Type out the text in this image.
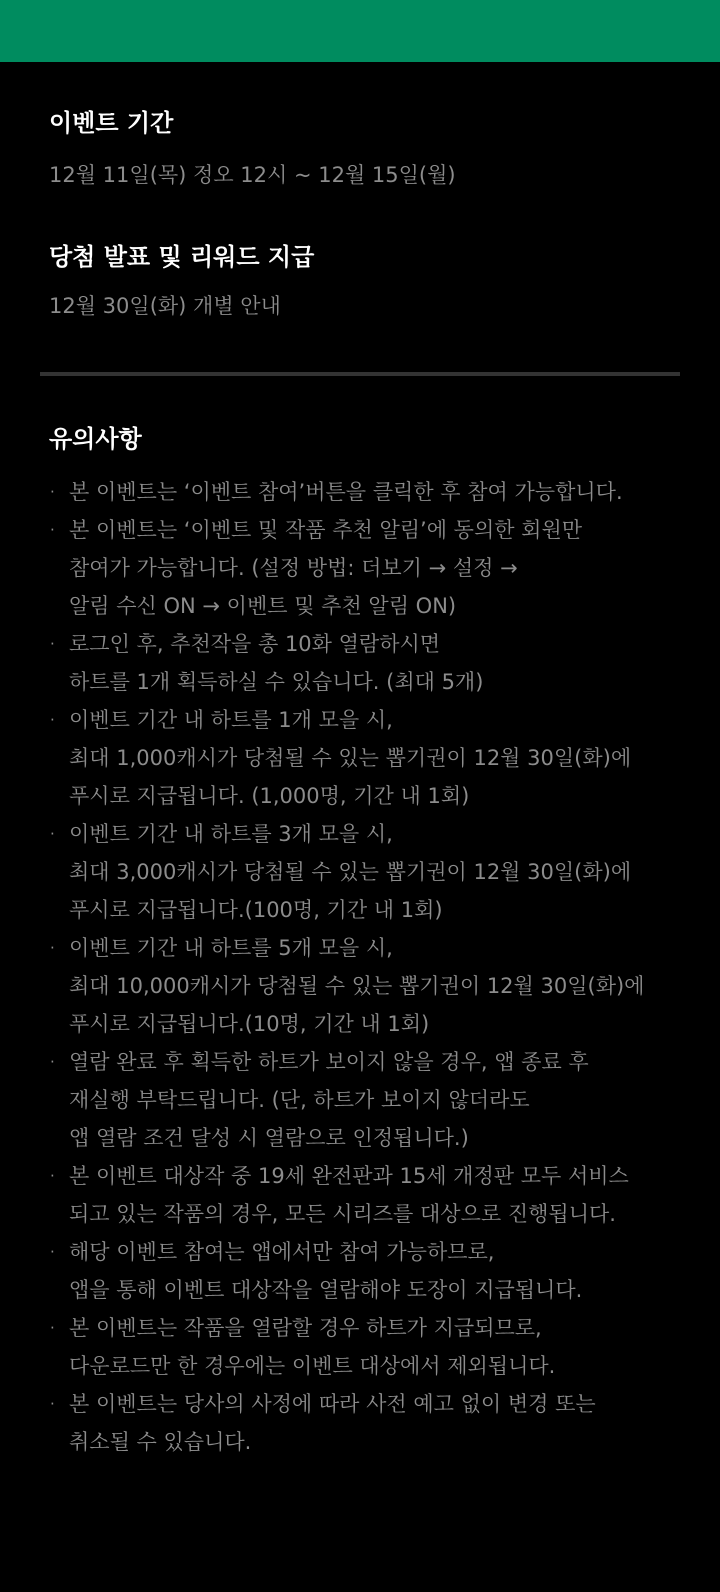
이벤트 기간
12월 11일(목) 정오 12시 ~ 12월 15일(월)
당첨 발표 및 리워드 지급
12월 30일(화) 개별 안내
유의사항
· 본 이벤트는 ‘이벤트 참여’버튼을 클릭한 후 참여 가능합니다.
· 본 이벤트는 ‘이벤트 및 작품 추천 알림’에 동의한 회원만
참여가 가능합니다. (설정 방법: 더보기 → 설정 →
알림 수신 ON → 이벤트 및 추천 알림 ON)
· 로그인 후, 추천작을 총 10화 열람하시면
하트를 1개 획득하실 수 있습니다. (최대 5개)
· 이벤트 기간 내 하트를 1개 모을 시,
최대 1,000캐시가 당첨될 수 있는 뽑기권이 12월 30일(화)에
푸시로 지급됩니다. (1,000명, 기간 내 1회)
· 이벤트 기간 내 하트를 3개 모을 시,
최대 3,000캐시가 당첨될 수 있는 뽑기권이 12월 30일(화)에
푸시로 지급됩니다.(100명, 기간 내 1회)
· 이벤트 기간 내 하트를 5개 모을 시,
최대 10,000캐시가 당첨될 수 있는 뽑기권이 12월 30일(화)에
푸시로 지급됩니다.(10명, 기간 내 1회)
· 열람 완료 후 획득한 하트가 보이지 않을 경우, 앱 종료 후
재실행 부탁드립니다. (단, 하트가 보이지 않더라도
앱 열람 조건 달성 시 열람으로 인정됩니다.)
· 본 이벤트 대상작 중 19세 완전판과 15세 개정판 모두 서비스
되고 있는 작품의 경우, 모든 시리즈를 대상으로 진행됩니다.
· 해당 이벤트 참여는 앱에서만 참여 가능하므로,
앱을 통해 이벤트 대상작을 열람해야 도장이 지급됩니다.
· 본 이벤트는 작품을 열람할 경우 하트가 지급되므로,
다운로드만 한 경우에는 이벤트 대상에서 제외됩니다.
· 본 이벤트는 당사의 사정에 따라 사전 예고 없이 변경 또는
취소될 수 있습니다.
